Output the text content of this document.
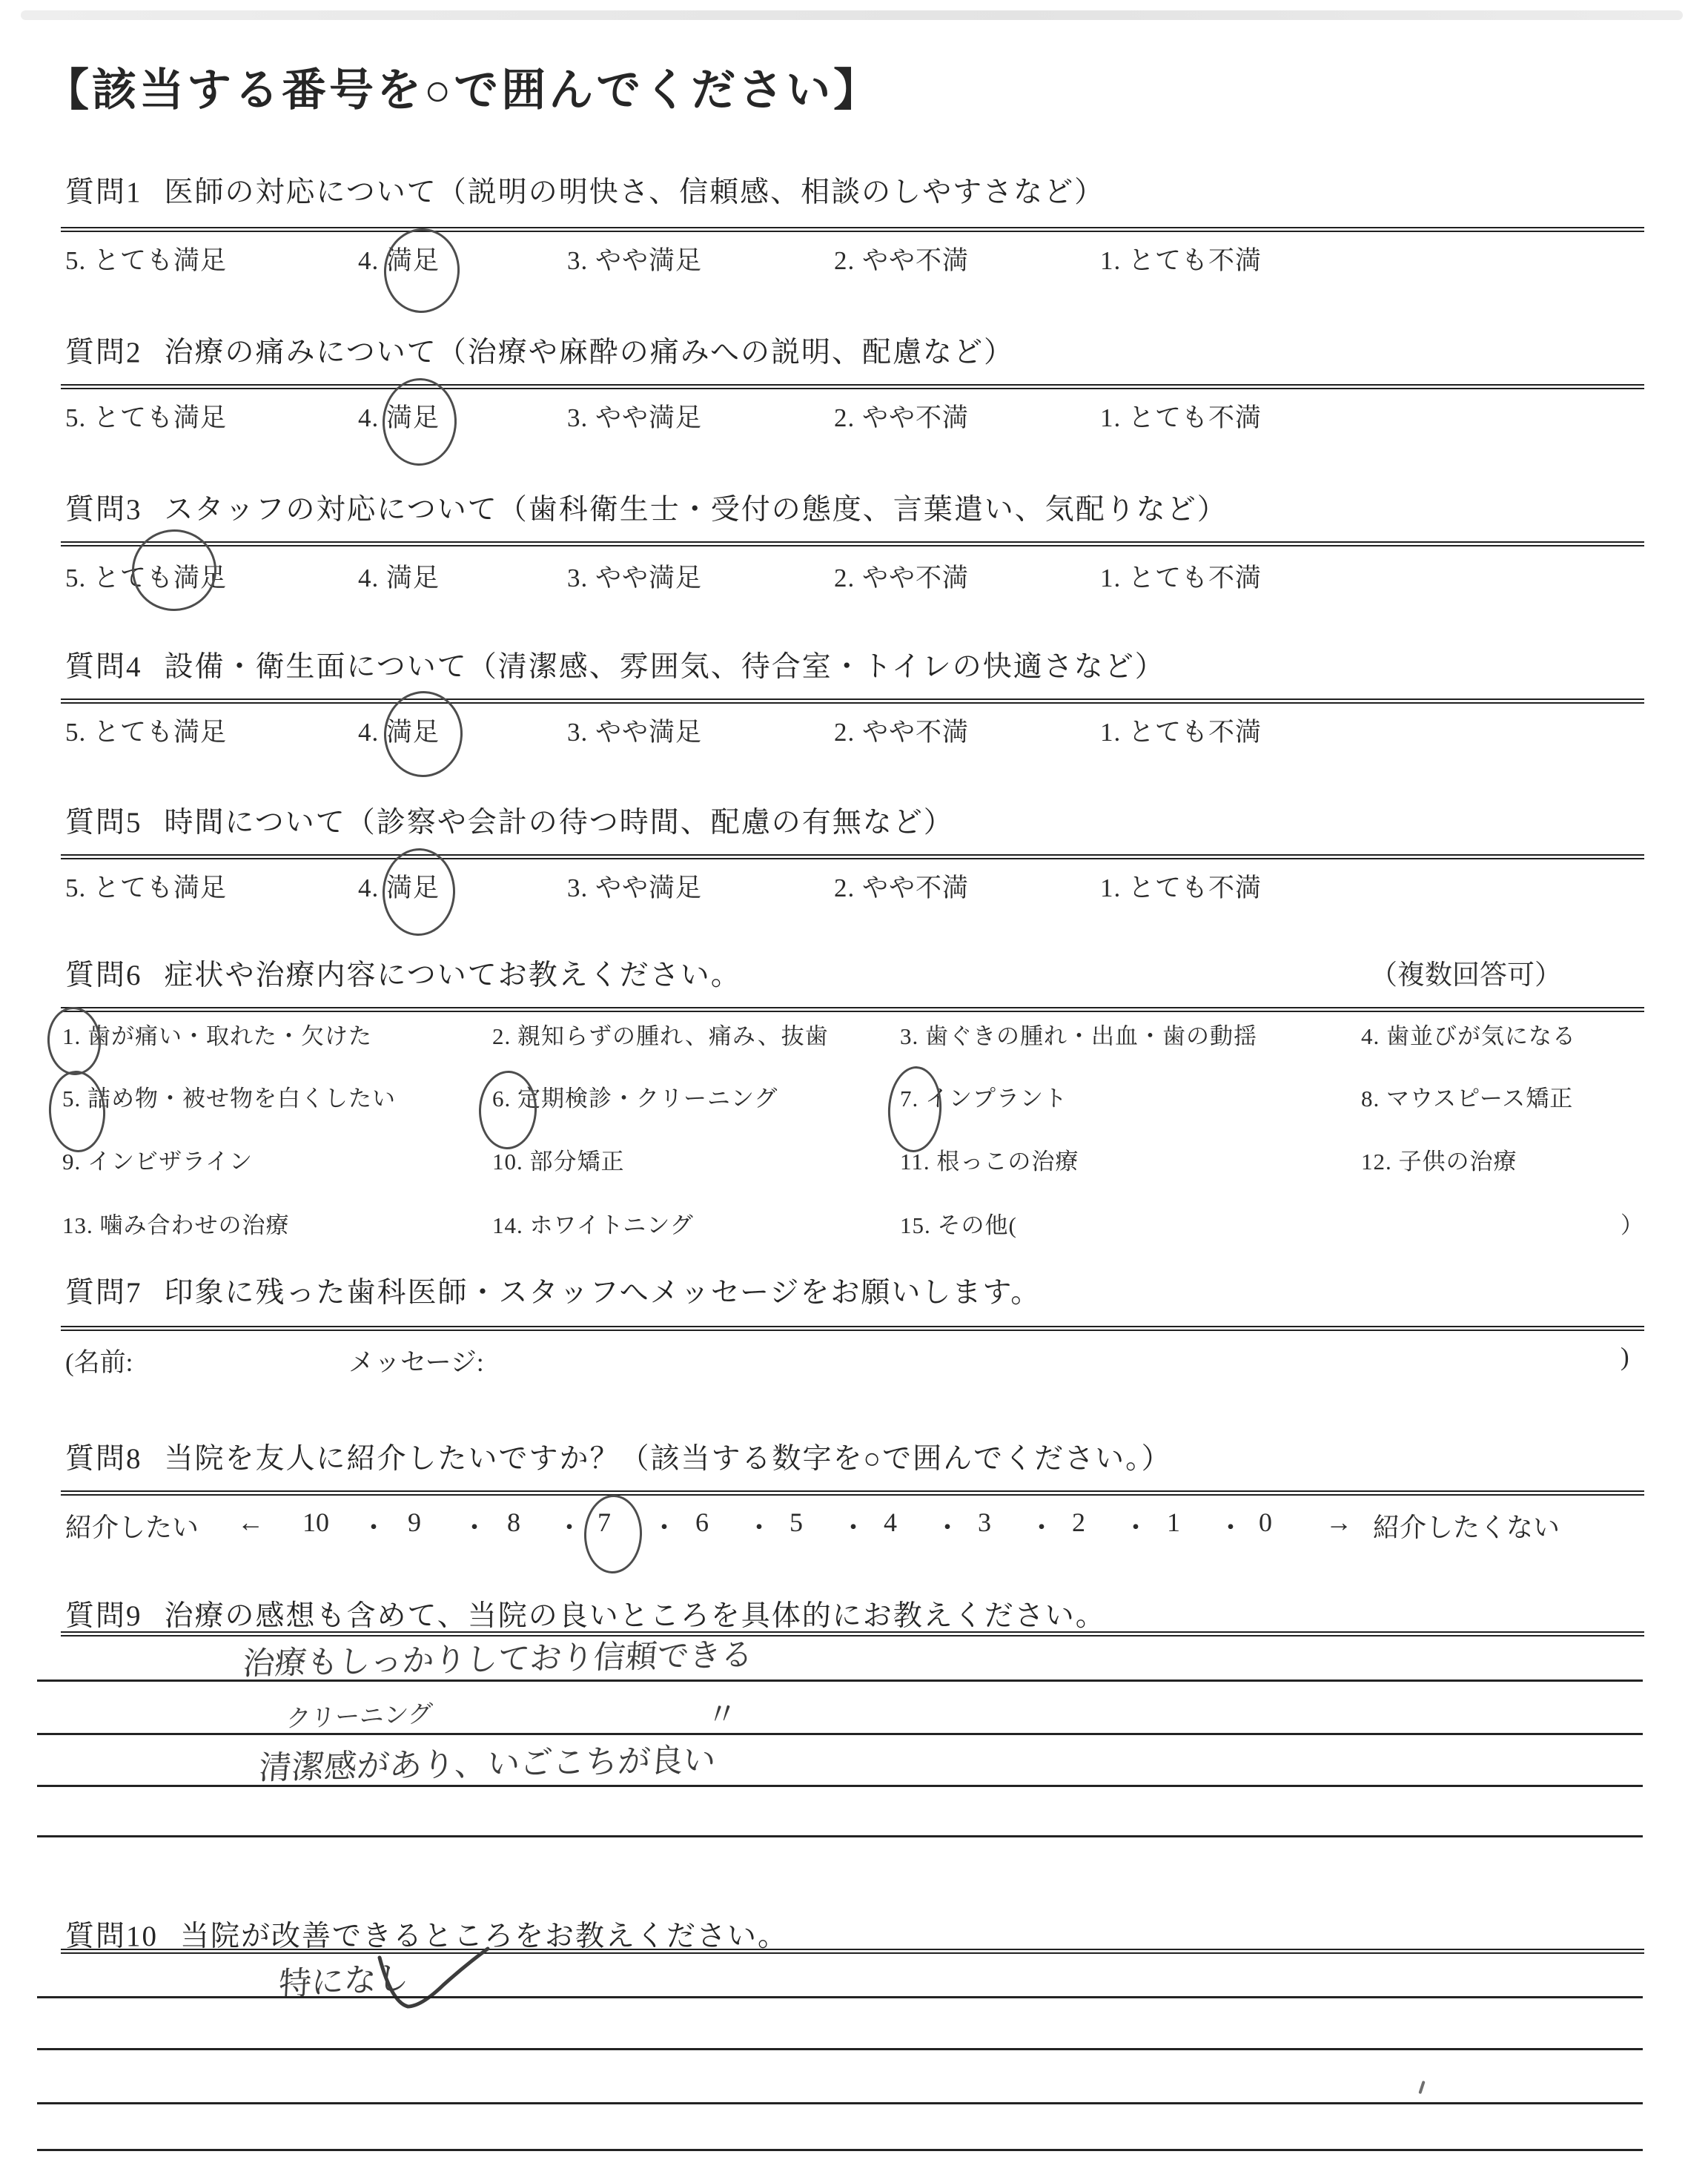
【該当する番号を○で囲んでください】
質問1 医師の対応について（説明の明快さ、信頼感、相談のしやすさなど）
5. とても満足	4. 満足	3. やや満足	2. やや不満	1. とても不満
質問2 治療の痛みについて（治療や麻酔の痛みへの説明、配慮など）
5. とても満足	4. 満足	3. やや満足	2. やや不満	1. とても不満
質問3 スタッフの対応について（歯科衛生士・受付の態度、言葉遣い、気配りなど）
5. とても満足	4. 満足	3. やや満足	2. やや不満	1. とても不満
質問4 設備・衛生面について（清潔感、雰囲気、待合室・トイレの快適さなど）
5. とても満足	4. 満足	3. やや満足	2. やや不満	1. とても不満
質問5 時間について（診察や会計の待つ時間、配慮の有無など）
5. とても満足	4. 満足	3. やや満足	2. やや不満	1. とても不満
質問6 症状や治療内容についてお教えください。	（複数回答可）
1. 歯が痛い・取れた・欠けた	2. 親知らずの腫れ、痛み、抜歯	3. 歯ぐきの腫れ・出血・歯の動揺	4. 歯並びが気になる
5. 詰め物・被せ物を白くしたい	6. 定期検診・クリーニング	7. インプラント	8. マウスピース矯正
9. インビザライン	10. 部分矯正	11. 根っこの治療	12. 子供の治療
13. 噛み合わせの治療	14. ホワイトニング	15. その他(	）
質問7 印象に残った歯科医師・スタッフへメッセージをお願いします。
(名前:	メッセージ:	)
質問8 当院を友人に紹介したいですか？（該当する数字を○で囲んでください。）
紹介したい ← 10 ・ 9 ・ 8 ・ 7 ・ 6 ・ 5 ・ 4 ・ 3 ・ 2 ・ 1 ・ 0 → 紹介したくない
質問9 治療の感想も含めて、当院の良いところを具体的にお教えください。
治療もしっかりしており信頼できる
クリーニング	〃
清潔感があり、いごこちが良い
質問10 当院が改善できるところをお教えください。
特になし
